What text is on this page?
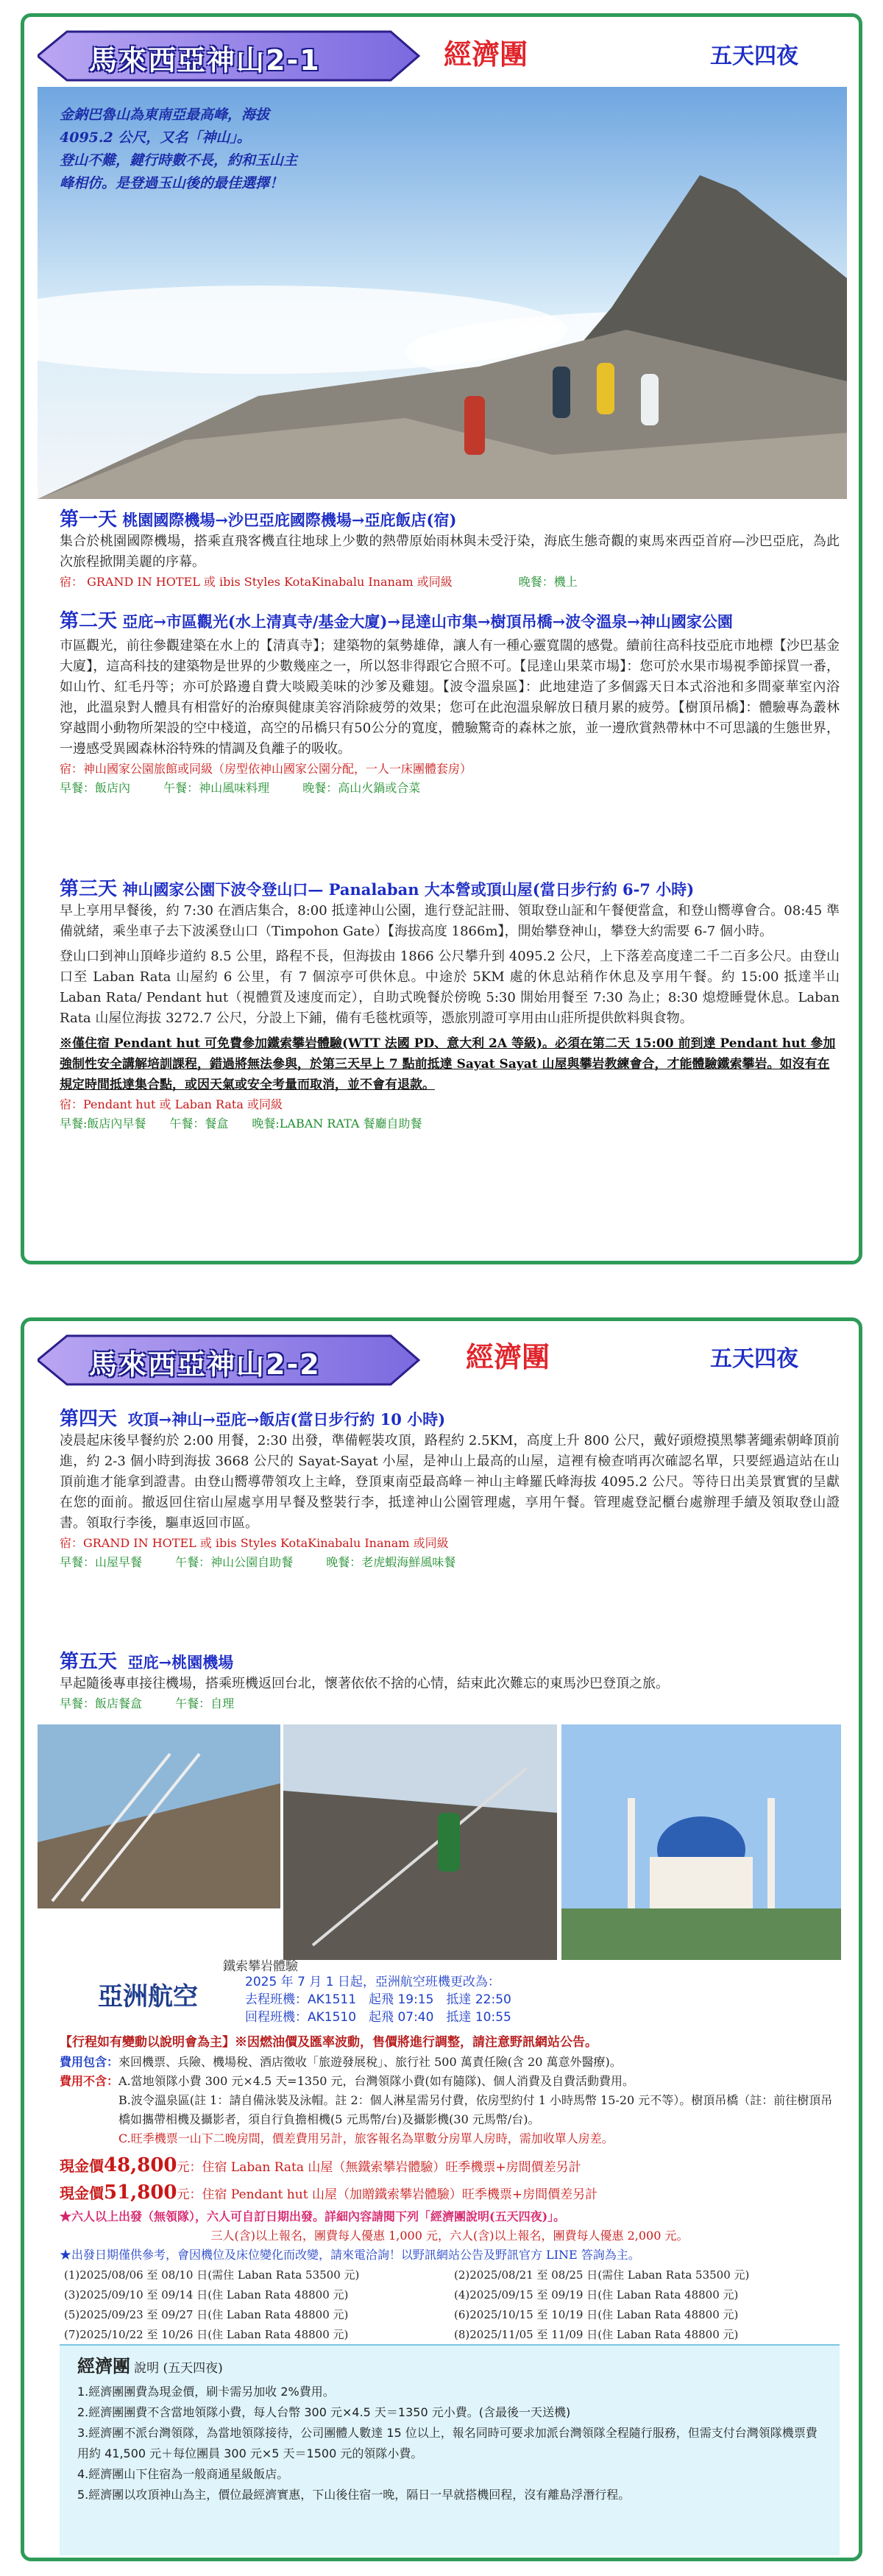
馬來西亞神山2-1	經濟團	五天四夜
金鈉巴魯山為東南亞最高峰，海拔
4095.2 公尺，又名「神山」。
登山不難，鍵行時數不長，約和玉山主
峰相仿。是登過玉山後的最佳選擇！
第一天 桃園國際機場→沙巴亞庇國際機場→亞庇飯店(宿)
集合於桃園國際機場，搭乘直飛客機直往地球上少數的熱帶原始雨林與未受汙染，海底生態奇觀的東馬來西亞首府—沙巴亞庇，為此次旅程掀開美麗的序幕。
宿： GRAND IN HOTEL 或 ibis Styles KotaKinabalu Inanam 或同級	晚餐：機上
第二天 亞庇→市區觀光(水上清真寺/基金大廈)→昆達山市集→樹頂吊橋→波令溫泉→神山國家公園
市區觀光，前往參觀建築在水上的【清真寺】；建築物的氣勢雄偉，讓人有一種心靈寬闊的感覺。續前往高科技亞庇市地標【沙巴基金大廈】，這高科技的建築物是世界的少數幾座之一，所以怒非得跟它合照不可。【昆達山果菜市場】：您可於水果市場視季節採買一番，如山竹、紅毛丹等；亦可於路邊自費大啖殿美味的沙爹及雞翅。【波令溫泉區】：此地建造了多個露天日本式浴池和多間豪華室內浴池，此溫泉對人體具有相當好的治療與健康美容消除疲勞的效果；您可在此泡溫泉解放日積月累的疲勞。【樹頂吊橋】：體驗專為叢林穿越間小動物所架設的空中棧道，高空的吊橋只有50公分的寬度，體驗驚奇的森林之旅，並一邊欣賞熱帶林中不可思議的生態世界，一邊感受異國森林浴特殊的情調及負離子的吸收。
宿：神山國家公園旅館或同級（房型依神山國家公園分配，一人一床團體套房）
早餐：飯店內	午餐：神山風味料理	晚餐：高山火鍋或合菜
第三天 神山國家公園下波令登山口— Panalaban 大本營或頂山屋(當日步行約 6-7 小時)
早上享用早餐後，約 7:30 在酒店集合，8:00 抵達神山公園，進行登記註冊、領取登山証和午餐便當盒，和登山嚮導會合。08:45 準備就緒，乘坐車子去下波溪登山口（Timpohon Gate）【海拔高度 1866m】，開始攀登神山，攀登大約需要 6-7 個小時。
登山口到神山頂峰步道約 8.5 公里，路程不長，但海拔由 1866 公尺攀升到 4095.2 公尺，上下落差高度達二千二百多公尺。由登山口至 Laban Rata 山屋約 6 公里，有 7 個涼亭可供休息。中途於 5KM 處的休息站稍作休息及享用午餐。約 15:00 抵達半山 Laban Rata/ Pendant hut（視體質及速度而定），自助式晚餐於傍晚 5:30 開始用餐至 7:30 為止；8:30 熄燈睡覺休息。Laban Rata 山屋位海拔 3272.7 公尺，分設上下鋪，備有毛毯枕頭等，憑旅別證可享用由山莊所提供飲料與食物。
※僅住宿 Pendant hut 可免費參加鐵索攀岩體驗(WTT 法國 PD、意大利 2A 等級)。必須在第二天 15:00 前到達 Pendant hut 參加強制性安全講解培訓課程，錯過將無法參與，於第三天早上 7 點前抵達 Sayat Sayat 山屋與攀岩教練會合，才能體驗鐵索攀岩。如沒有在規定時間抵達集合點，或因天氣或安全考量而取消，並不會有退款。
宿：Pendant hut 或 Laban Rata 或同級
早餐:飯店內早餐　　午餐：餐盒　　晚餐:LABAN RATA 餐廳自助餐
馬來西亞神山2-2	經濟團	五天四夜
第四天 攻頂→神山→亞庇→飯店(當日步行約 10 小時)
凌晨起床後早餐約於 2:00 用餐，2:30 出發，準備輕裝攻頂，路程約 2.5KM，高度上升 800 公尺，戴好頭燈摸黑攀著繩索朝峰頂前進，約 2-3 個小時到海拔 3668 公尺的 Sayat-Sayat 小屋，是神山上最高的山屋，這裡有檢查哨再次確認名單，只要經過這站在山頂前進才能拿到證書。由登山嚮導帶領攻上主峰，登頂東南亞最高峰－神山主峰羅氏峰海拔 4095.2 公尺。等待日出美景實實的呈獻在您的面前。撤返回住宿山屋處享用早餐及整裝行李，抵達神山公園管理處，享用午餐。管理處登記櫃台處辦理手續及領取登山證書。領取行李後，驅車返回市區。
宿：GRAND IN HOTEL 或 ibis Styles KotaKinabalu Inanam 或同級
早餐：山屋早餐	午餐：神山公園自助餐	晚餐：老虎蝦海鮮風味餐
第五天 亞庇→桃園機場
早起隨後專車接往機場，搭乘班機返回台北，懷著依依不捨的心情，結束此次難忘的東馬沙巴登頂之旅。
早餐：飯店餐盒	午餐：自理
鐵索攀岩體驗
亞洲航空	2025 年 7 月 1 日起，亞洲航空班機更改為：
去程班機：AK1511　起飛 19:15　抵達 22:50
回程班機：AK1510　起飛 07:40　抵達 10:55
【行程如有變動以說明會為主】※因燃油價及匯率波動，售價將進行調整，請注意野訊網站公告。
費用包含：來回機票、兵險、機場稅、酒店徵收「旅遊發展稅」、旅行社 500 萬責任險(含 20 萬意外醫療)。
費用不含：A.當地領隊小費 300 元×4.5 天=1350 元，台灣領隊小費(如有隨隊)、個人消費及自費活動費用。
B.波令溫泉區(註 1：請自備泳裝及泳帽。註 2：個人淋星需另付費，依房型約付 1 小時馬幣 15-20 元不等）。樹頂吊橋（註：前往樹頂吊橋如攜帶相機及攝影者，須自行負擔相機(5 元馬幣/台)及攝影機(30 元馬幣/台)。
C.旺季機票一山下二晚房間，價差費用另計，旅客報名為單數分房單人房時，需加收單人房差。
現金價48,800元：住宿 Laban Rata 山屋（無鐵索攀岩體驗）旺季機票+房間價差另計
現金價51,800元：住宿 Pendant hut 山屋（加贈鐵索攀岩體驗）旺季機票+房間價差另計
★六人以上出發（無領隊），六人可自訂日期出發。詳細內容請閱下列「經濟團說明(五天四夜)」。
三人(含)以上報名，團費每人優惠 1,000 元，六人(含)以上報名，團費每人優惠 2,000 元。
★出發日期僅供參考，會因機位及床位變化而改變，請來電洽詢！以野訊網站公告及野訊官方 LINE 答詢為主。
(1)2025/08/06 至 08/10 日(需住 Laban Rata 53500 元)	(2)2025/08/21 至 08/25 日(需住 Laban Rata 53500 元)
(3)2025/09/10 至 09/14 日(住 Laban Rata 48800 元)	(4)2025/09/15 至 09/19 日(住 Laban Rata 48800 元)
(5)2025/09/23 至 09/27 日(住 Laban Rata 48800 元)	(6)2025/10/15 至 10/19 日(住 Laban Rata 48800 元)
(7)2025/10/22 至 10/26 日(住 Laban Rata 48800 元)	(8)2025/11/05 至 11/09 日(住 Laban Rata 48800 元)

經濟團 說明 (五天四夜)
1.經濟團團費為現金價，刷卡需另加收 2%費用。
2.經濟團團費不含當地領隊小費，每人台幣 300 元×4.5 天＝1350 元小費。(含最後一天送機)
3.經濟團不派台灣領隊，為當地領隊接待，公司團體人數達 15 位以上，報名同時可要求加派台灣領隊全程隨行服務，但需支付台灣領隊機票費用約 41,500 元＋每位團員 300 元×5 天＝1500 元的領隊小費。
4.經濟團山下住宿為一般商通星級飯店。
5.經濟團以攻頂神山為主，價位最經濟實惠，下山後住宿一晚，隔日一早就搭機回程，沒有離島浮潛行程。
